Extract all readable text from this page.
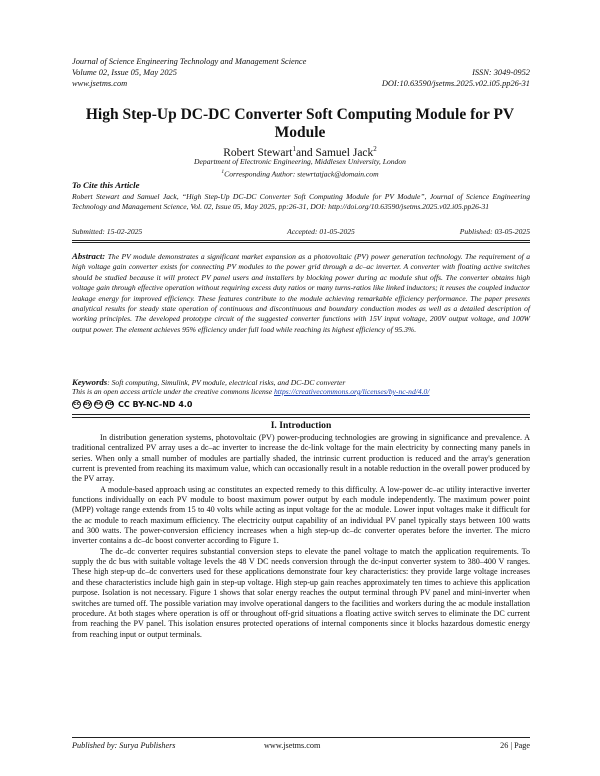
Journal of Science Engineering Technology and Management Science
Volume 02, Issue 05, May 2025
www.jsetms.com
ISSN: 3049-0952
DOI:10.63590/jsetms.2025.v02.i05.pp26-31
High Step-Up DC-DC Converter Soft Computing Module for PV Module
Robert Stewart$^1$and Samuel Jack$^2$
Department of Electronic Engineering, Middlesex University, London
$^1$Corresponding Author: stewrtatjack@domain.com
To Cite this Article
Robert Stewart and Samuel Jack, “High Step-Up DC-DC Converter Soft Computing Module for PV Module”, Journal of Science Engineering Technology and Management Science, Vol. 02, Issue 05, May 2025, pp:26-31, DOI: http://doi.org/10.63590/jsetms.2025.v02.i05.pp26-31
Submitted: 15-02-2025	Accepted: 01-05-2025	Published: 03-05-2025
Abstract: The PV module demonstrates a significant market expansion as a photovoltaic (PV) power generation technology. The requirement of a high voltage gain converter exists for connecting PV modules to the power grid through a dc–ac inverter. A converter with floating active switches should be studied because it will protect PV panel users and installers by blocking power during ac module shut offs. The converter obtains high voltage gain through effective operation without requiring excess duty ratios or many turns-ratios like linked inductors; it reuses the coupled inductor leakage energy for improved efficiency. These features contribute to the module achieving remarkable efficiency performance. The paper presents analytical results for steady state operation of continuous and discontinuous and boundary conduction modes as well as a detailed description of working principles. The developed prototype circuit of the suggested converter functions with 15V input voltage, 200V output voltage, and 100W output power. The element achieves 95% efficiency under full load while reaching its highest efficiency of 95.3%.
Keywords: Soft computing, Simulink, PV module, electrical risks, and DC-DC converter
This is an open access article under the creative commons license https://creativecommons.org/licenses/by-nc-nd/4.0/
cc by nc nd CC BY-NC-ND 4.0
I. Introduction

In distribution generation systems, photovoltaic (PV) power-producing technologies are growing in significance and prevalence. A traditional centralized PV array uses a dc–ac inverter to increase the dc-link voltage for the main electricity by connecting many panels in series. When only a small number of modules are partially shaded, the intrinsic current production is reduced and the array's generation current is prevented from reaching its maximum value, which can occasionally result in a notable reduction in the overall power produced by the PV array.

A module-based approach using ac constitutes an expected remedy to this difficulty. A low-power dc–ac utility interactive inverter functions individually on each PV module to boost maximum power output by each module independently. The maximum power point (MPP) voltage range extends from 15 to 40 volts while acting as input voltage for the ac module. Lower input voltages make it difficult for the ac module to reach maximum efficiency. The electricity output capability of an individual PV panel typically stays between 100 watts and 300 watts. The power-conversion efficiency increases when a high step-up dc–dc converter operates before the inverter. The micro inverter contains a dc–dc boost converter according to Figure 1.

The dc–dc converter requires substantial conversion steps to elevate the panel voltage to match the application requirements. To supply the dc bus with suitable voltage levels the 48 V DC needs conversion through the dc-input converter system to 380–400 V ranges. These high step-up dc–dc converters used for these applications demonstrate four key characteristics: they provide large voltage increases and these characteristics include high gain in step-up voltage. High step-up gain reaches approximately ten times to achieve this application purpose. Isolation is not necessary. Figure 1 shows that solar energy reaches the output terminal through PV panel and mini-inverter when switches are turned off. The possible variation may involve operational dangers to the facilities and workers during the ac module installation procedure. At both stages where operation is off or throughout off-grid situations a floating active switch serves to eliminate the DC current from reaching the PV panel. This isolation ensures protected operations of internal components since it blocks hazardous domestic energy from reaching input or output terminals.

Published by: Surya Publishers	www.jsetms.com	26 | Page
